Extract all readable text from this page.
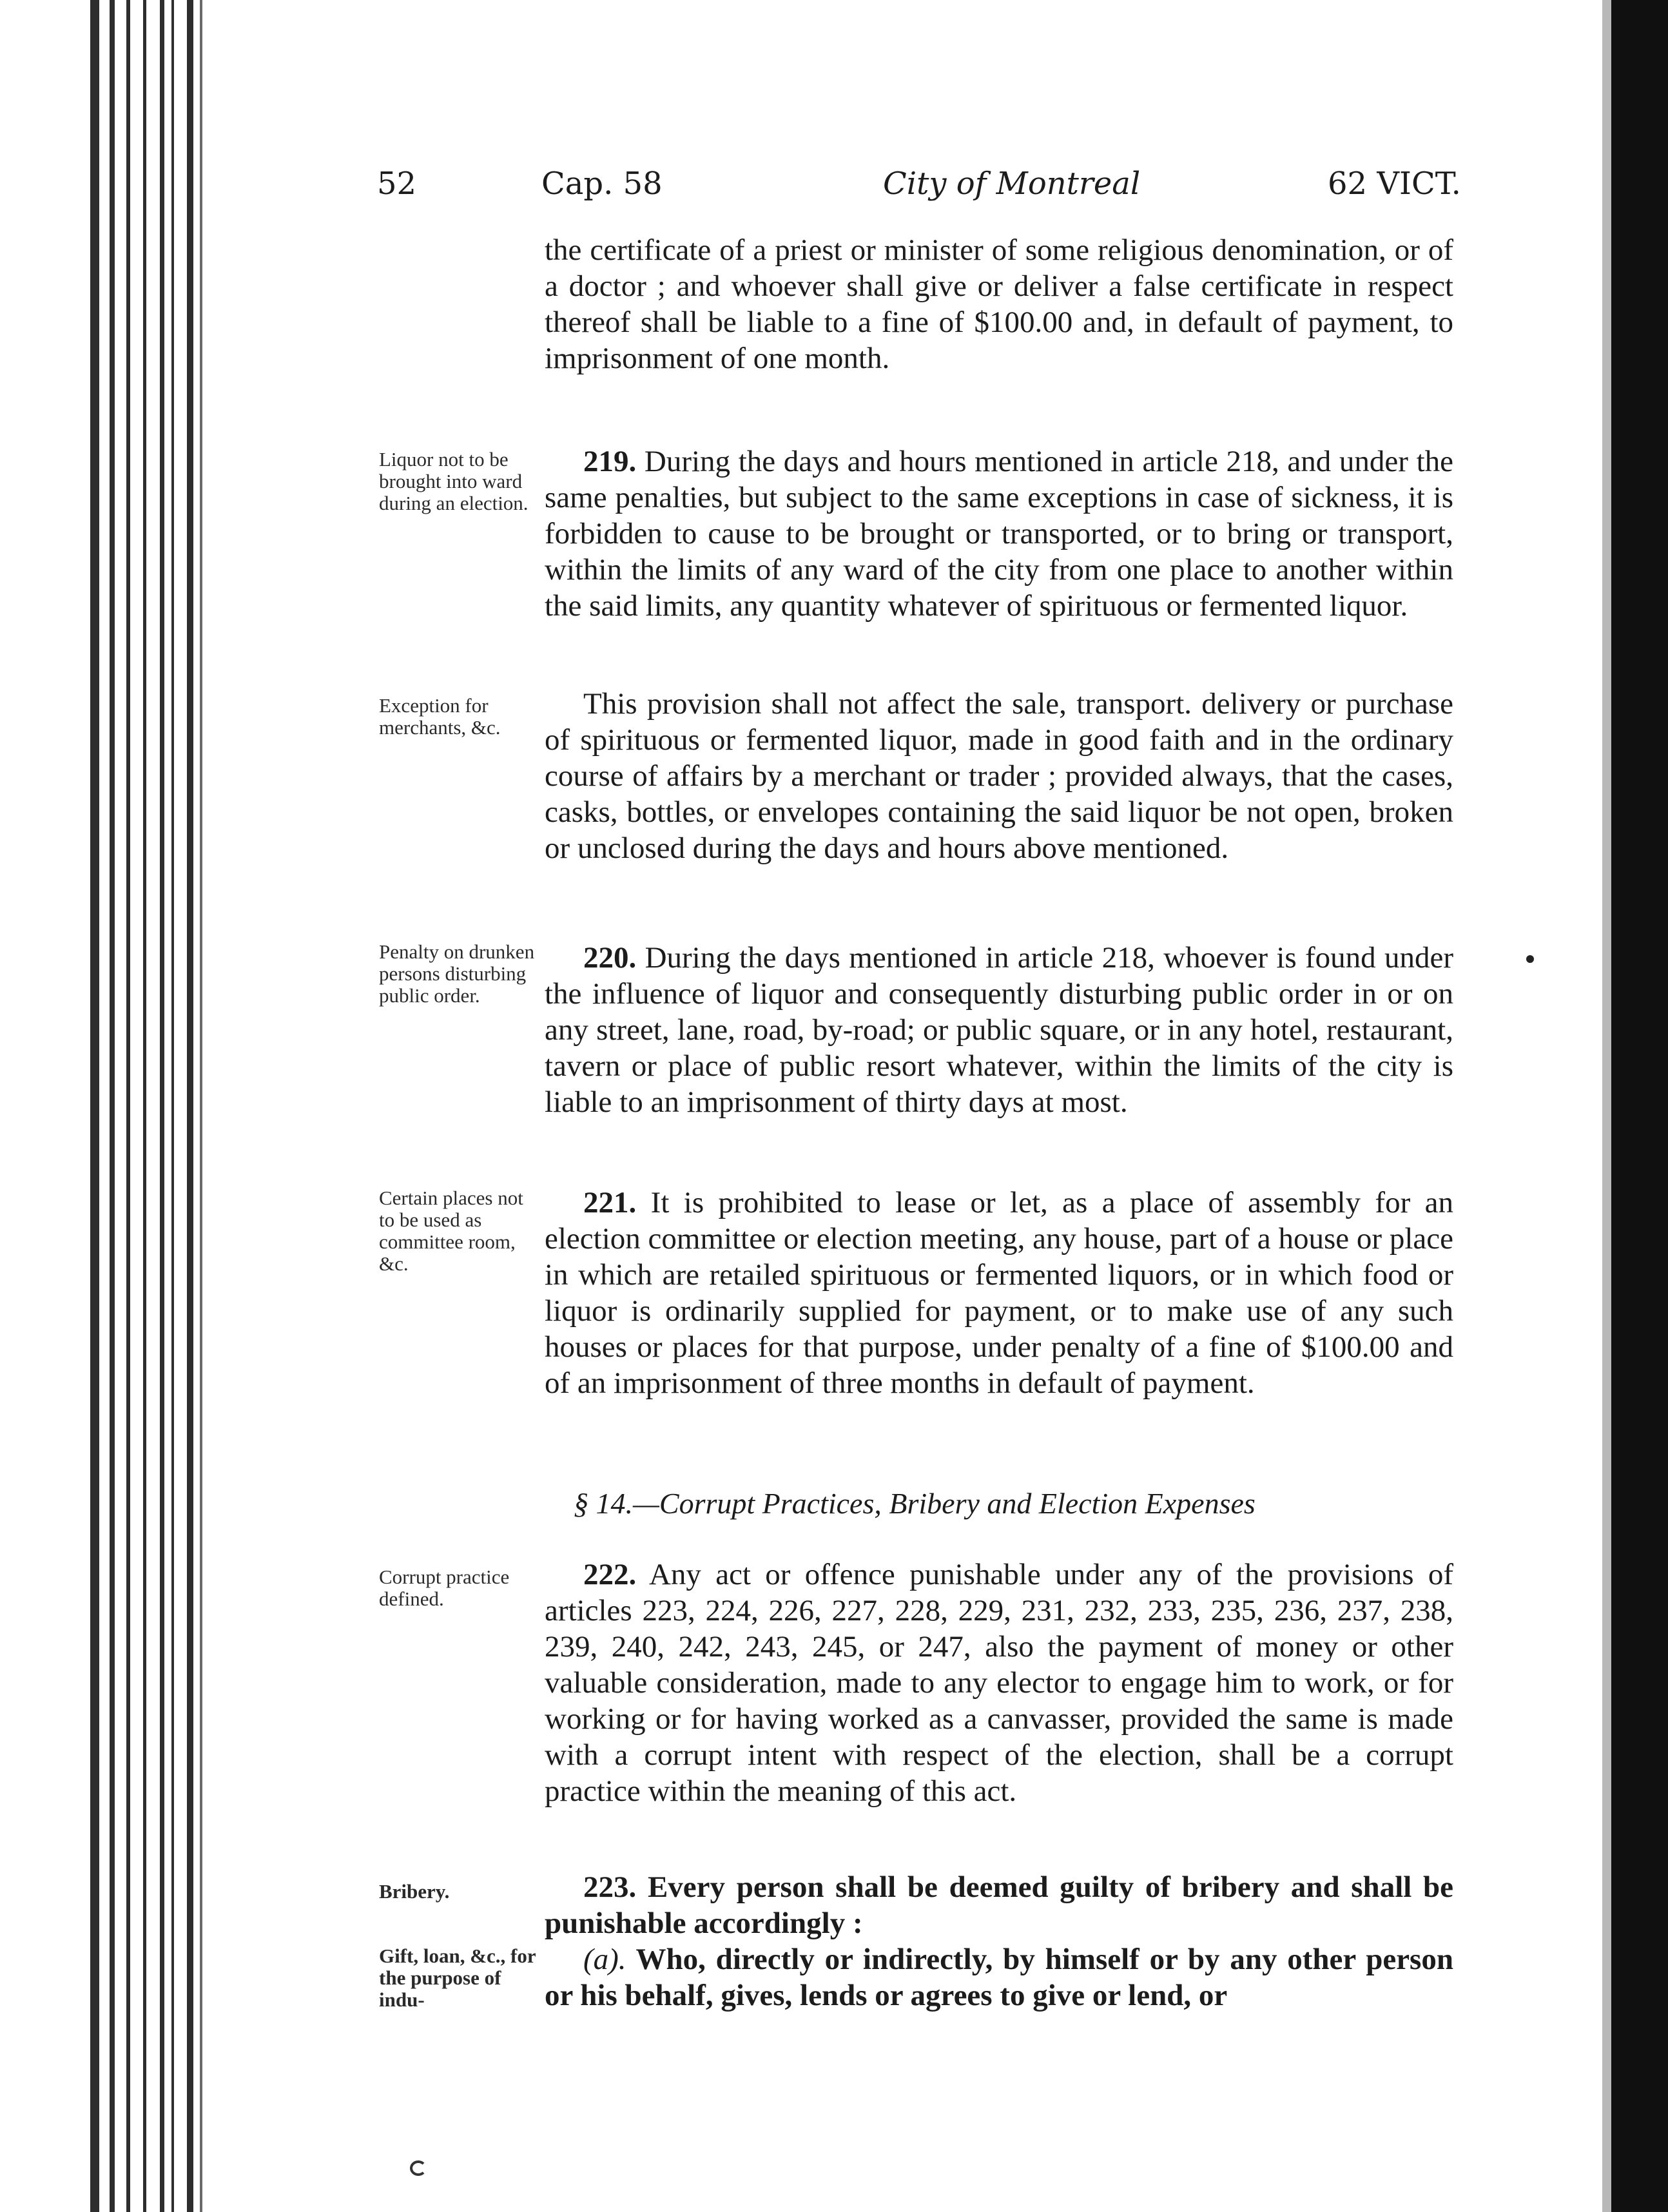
52	Cap. 58	City of Montreal	62 VICT.
the certificate of a priest or minister of some religious denomination, or of a doctor ; and whoever shall give or deliver a false certificate in respect thereof shall be liable to a fine of $100.00 and, in default of payment, to imprisonment of one month.
Liquor not to be brought into ward during an election.
219. During the days and hours mentioned in article 218, and under the same penalties, but subject to the same exceptions in case of sickness, it is forbidden to cause to be brought or transported, or to bring or transport, within the limits of any ward of the city from one place to another within the said limits, any quantity whatever of spirituous or fermented liquor.
Exception for merchants, &c.
This provision shall not affect the sale, transport. delivery or purchase of spirituous or fermented liquor, made in good faith and in the ordinary course of affairs by a merchant or trader ; provided always, that the cases, casks, bottles, or envelopes containing the said liquor be not open, broken or unclosed during the days and hours above mentioned.
Penalty on drunken persons disturbing public order.
220. During the days mentioned in article 218, whoever is found under the influence of liquor and consequently disturbing public order in or on any street, lane, road, by-road; or public square, or in any hotel, restaurant, tavern or place of public resort whatever, within the limits of the city is liable to an imprisonment of thirty days at most.
Certain places not to be used as committee room, &c.
221. It is prohibited to lease or let, as a place of assembly for an election committee or election meeting, any house, part of a house or place in which are retailed spirituous or fermented liquors, or in which food or liquor is ordinarily supplied for payment, or to make use of any such houses or places for that purpose, under penalty of a fine of $100.00 and of an imprisonment of three months in default of payment.
§ 14.—Corrupt Practices, Bribery and Election Expenses
Corrupt practice defined.
222. Any act or offence punishable under any of the provisions of articles 223, 224, 226, 227, 228, 229, 231, 232, 233, 235, 236, 237, 238, 239, 240, 242, 243, 245, or 247, also the payment of money or other valuable consideration, made to any elector to engage him to work, or for working or for having worked as a canvasser, provided the same is made with a corrupt intent with respect of the election, shall be a corrupt practice within the meaning of this act.
Bribery.	223. Every person shall be deemed guilty of bribery and shall be punishable accordingly :
Gift, loan, &c., for the purpose of indu-
(a). Who, directly or indirectly, by himself or by any other person or his behalf, gives, lends or agrees to give or lend, or
